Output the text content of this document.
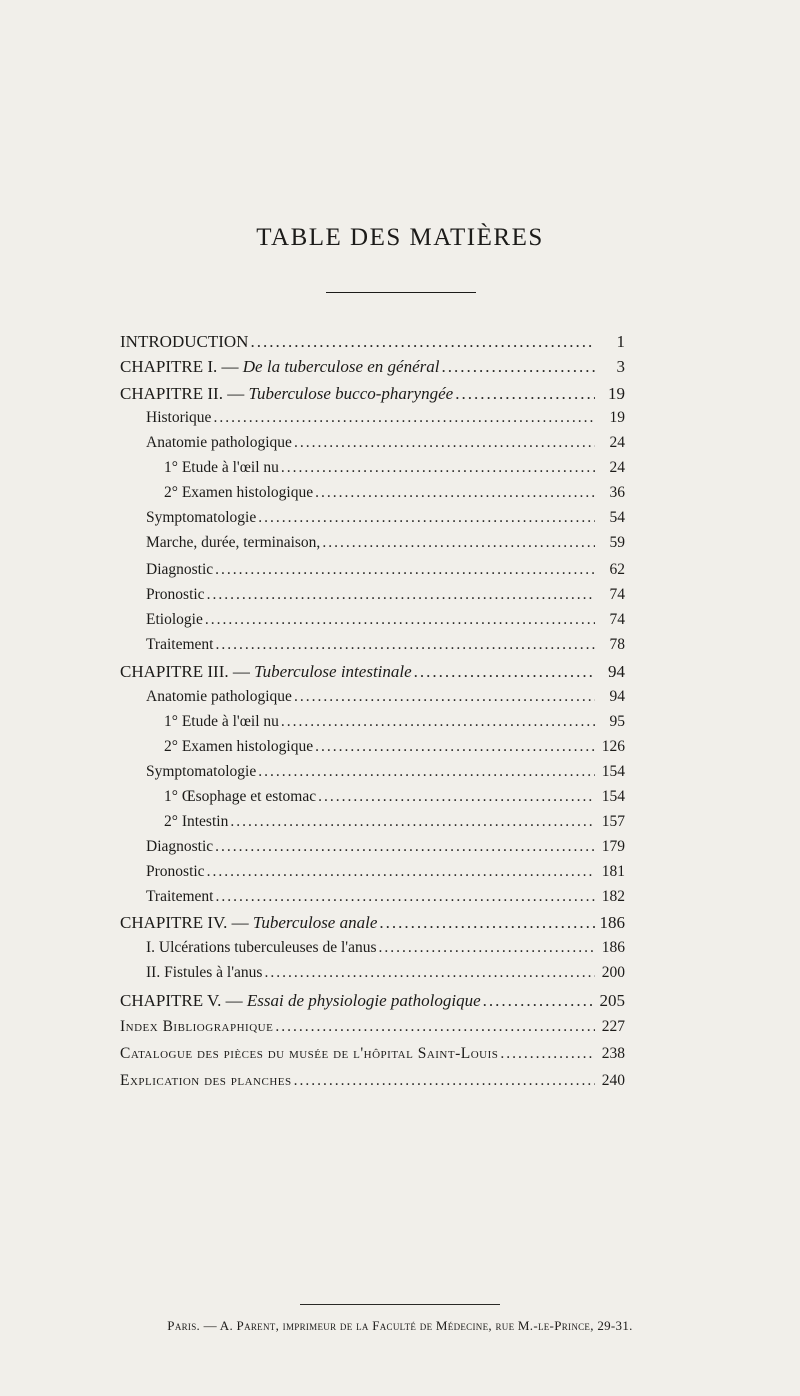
TABLE DES MATIÈRES
INTRODUCTION .....	1
CHAPITRE I. — De la tuberculose en général .....	3
CHAPITRE II. — Tuberculose bucco-pharyngée .....	19
Historique .....	19
Anatomie pathologique .....	24
1° Etude à l'œil nu .....	24
2° Examen histologique .....	36
Symptomatologie .....	54
Marche, durée, terminaison, .....	59
Diagnostic .....	62
Pronostic .....	74
Etiologie .....	74
Traitement .....	78
CHAPITRE III. — Tuberculose intestinale .....	94
Anatomie pathologique .....	94
1° Etude à l'œil nu .....	95
2° Examen histologique .....	126
Symptomatologie .....	154
1° Œsophage et estomac .....	154
2° Intestin .....	157
Diagnostic .....	179
Pronostic .....	181
Traitement .....	182
CHAPITRE IV. — Tuberculose anale .....	186
I. Ulcérations tuberculeuses de l'anus .....	186
II. Fistules à l'anus .....	200
CHAPITRE V. — Essai de physiologie pathologique .....	205
Index Bibliographique .....	227
Catalogue des pièces du musée de l'hôpital Saint-Louis .....	238
Explication des planches .....	240
Paris. — A. Parent, imprimeur de la Faculté de Médecine, rue M.-le-Prince, 29-31.
